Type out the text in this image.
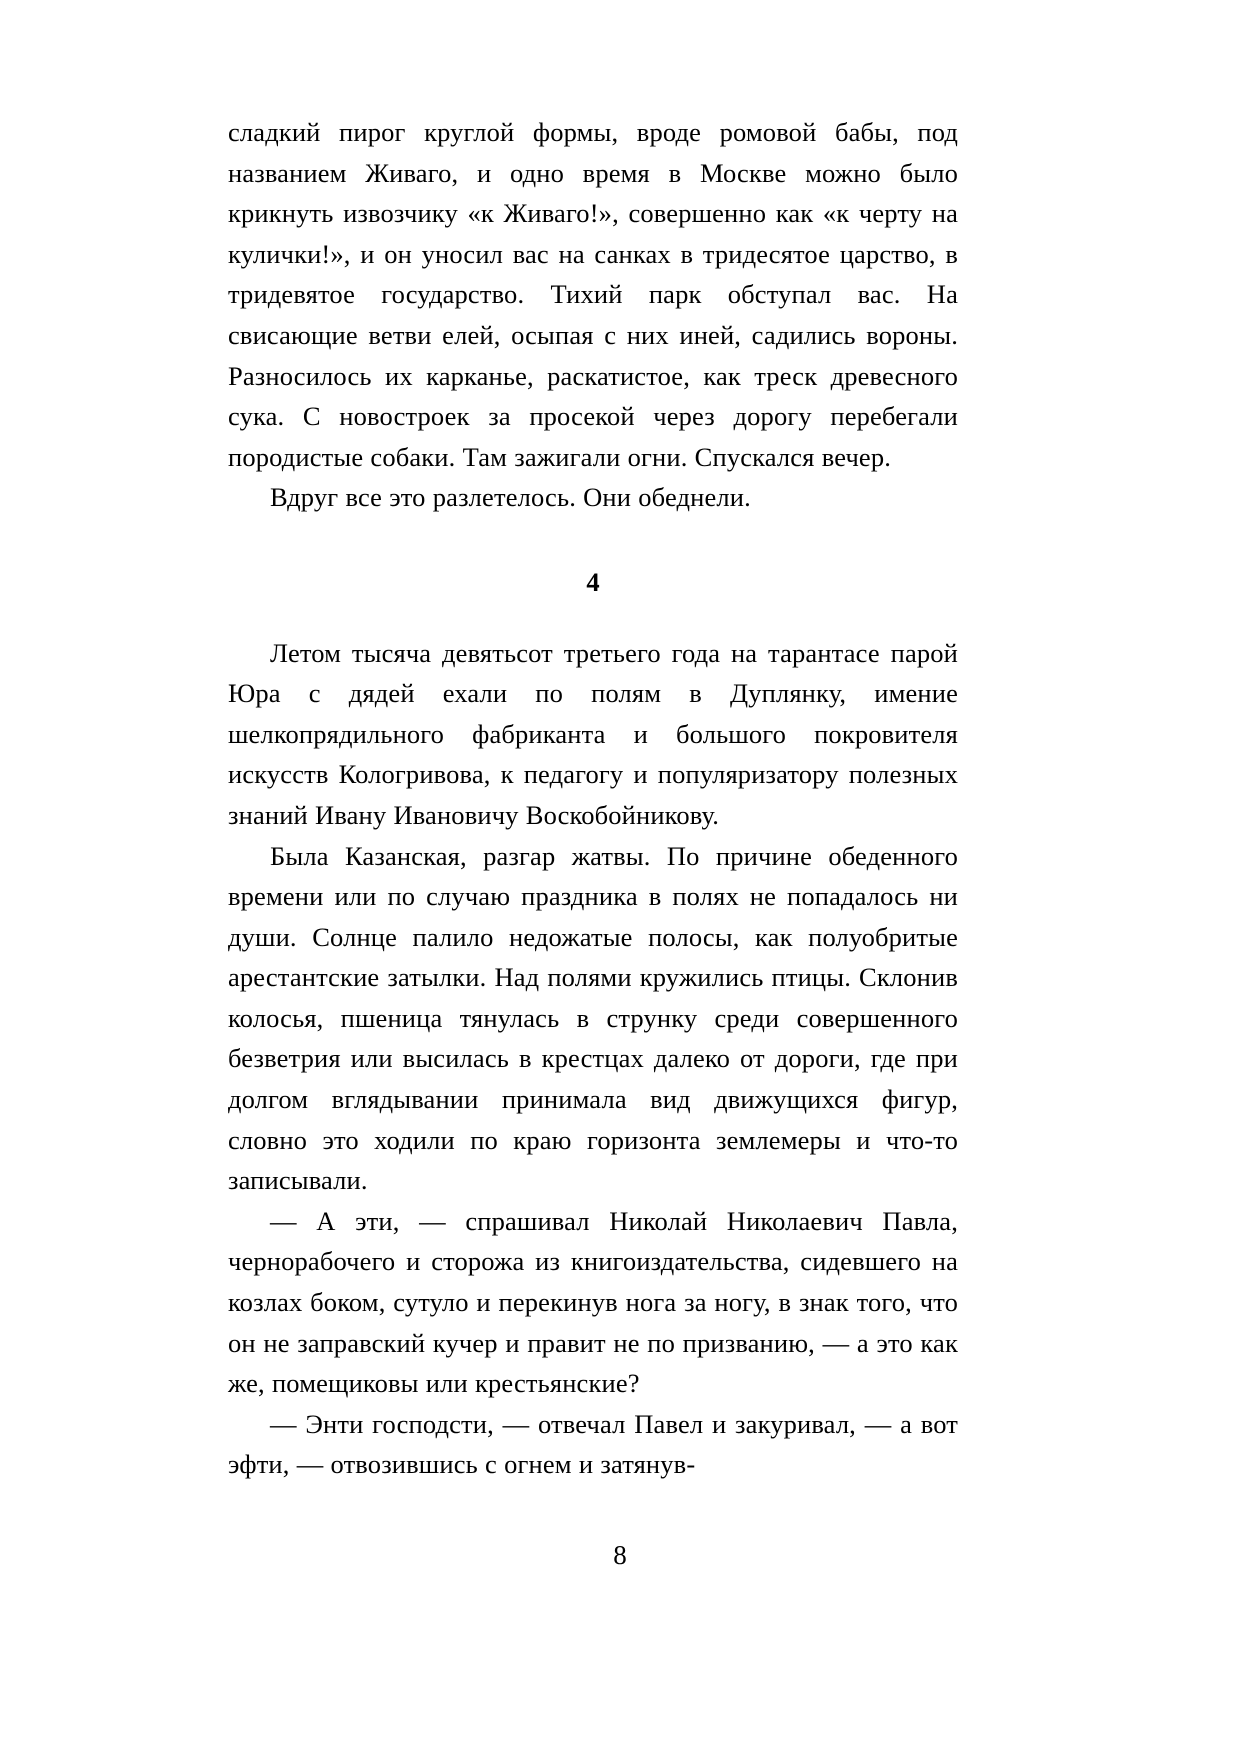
сладкий пирог круглой формы, вроде ромовой бабы, под названием Живаго, и одно время в Москве можно было крикнуть извозчику «к Живаго!», совершенно как «к черту на кулички!», и он уносил вас на санках в тридесятое царство, в тридевятое государство. Тихий парк обступал вас. На свисающие ветви елей, осыпая с них иней, садились вороны. Разносилось их карканье, раскатистое, как треск древесного сука. С новостроек за просекой через дорогу перебегали породистые собаки. Там зажигали огни. Спускался вечер.

Вдруг все это разлетелось. Они обеднели.

4

Летом тысяча девятьсот третьего года на тарантасе парой Юра с дядей ехали по полям в Дуплянку, имение шелкопрядильного фабриканта и большого покровителя искусств Кологривова, к педагогу и популяризатору полезных знаний Ивану Ивановичу Воскобойникову.

Была Казанская, разгар жатвы. По причине обеденного времени или по случаю праздника в полях не попадалось ни души. Солнце палило недожатые полосы, как полуобритые арестантские затылки. Над полями кружились птицы. Склонив колосья, пшеница тянулась в струнку среди совершенного безветрия или высилась в крестцах далеко от дороги, где при долгом вглядывании принимала вид движущихся фигур, словно это ходили по краю горизонта землемеры и что-то записывали.

— А эти, — спрашивал Николай Николаевич Павла, чернорабочего и сторожа из книгоиздательства, сидевшего на козлах боком, сутуло и перекинув нога за ногу, в знак того, что он не заправский кучер и правит не по призванию, — а это как же, помещиковы или крестьянские?

— Энти господсти, — отвечал Павел и закуривал, — а вот эфти, — отвозившись с огнем и затянув-

8
